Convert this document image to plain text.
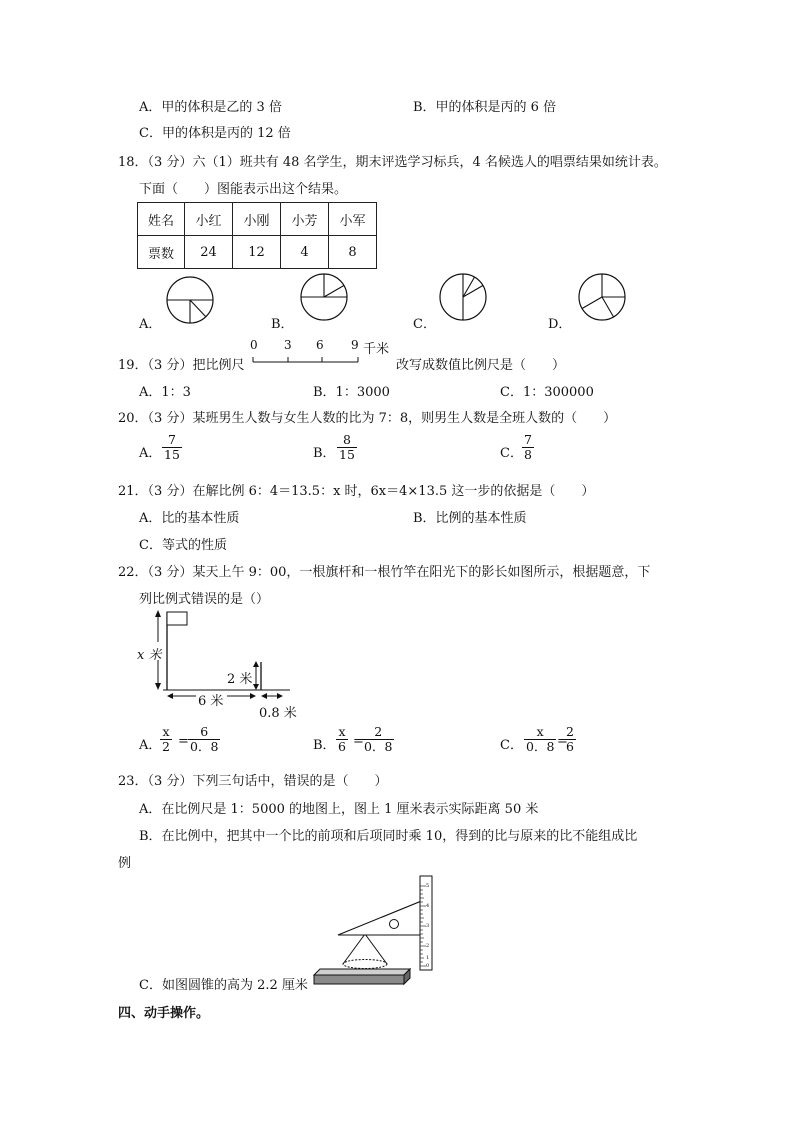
A．甲的体积是乙的 3 倍	B．甲的体积是丙的 6 倍
C．甲的体积是丙的 12 倍
18．（3 分）六（1）班共有 48 名学生，期末评选学习标兵，4 名候选人的唱票结果如统计表。
下面（　　）图能表示出这个结果。
姓名	小红	小刚	小芳	小军
票数	24	12	4	8
A．	B．	C．	D．
19．（3 分）把比例尺
0 3 6 9 千米
改写成数值比例尺是（　　）
A．1：3	B．1：3000	C．1：300000
20．（3 分）某班男生人数与女生人数的比为 7：8，则男生人数是全班人数的（　　）
A． $\frac{7}{15}$	B． $\frac{8}{15}$	C． $\frac{7}{8}$
21．（3 分）在解比例 6：4＝13.5：x 时，6x＝4×13.5 这一步的依据是（　　）
A．比的基本性质	B．比例的基本性质
C．等式的性质
22．（3 分）某天上午 9：00，一根旗杆和一根竹竿在阳光下的影长如图所示，根据题意，下
列比例式错误的是（）
x 米
2 米
6 米
0.8 米
A．
$\frac{x}{2} = \frac{6}{0.8}$	B． $\frac{x}{6}$ =
$\frac{2}{0.8}$	C． $\frac{x}{0.8}$ =
$\frac{2}{6}$
23．（3 分）下列三句话中，错误的是（　　）
A．在比例尺是 1：5000 的地图上，图上 1 厘米表示实际距离 50 米
B．在比例中，把其中一个比的前项和后项同时乘 10，得到的比与原来的比不能组成比
例
5
4
3
2
1
0
C．如图圆锥的高为 2.2 厘米
四、动手操作。
